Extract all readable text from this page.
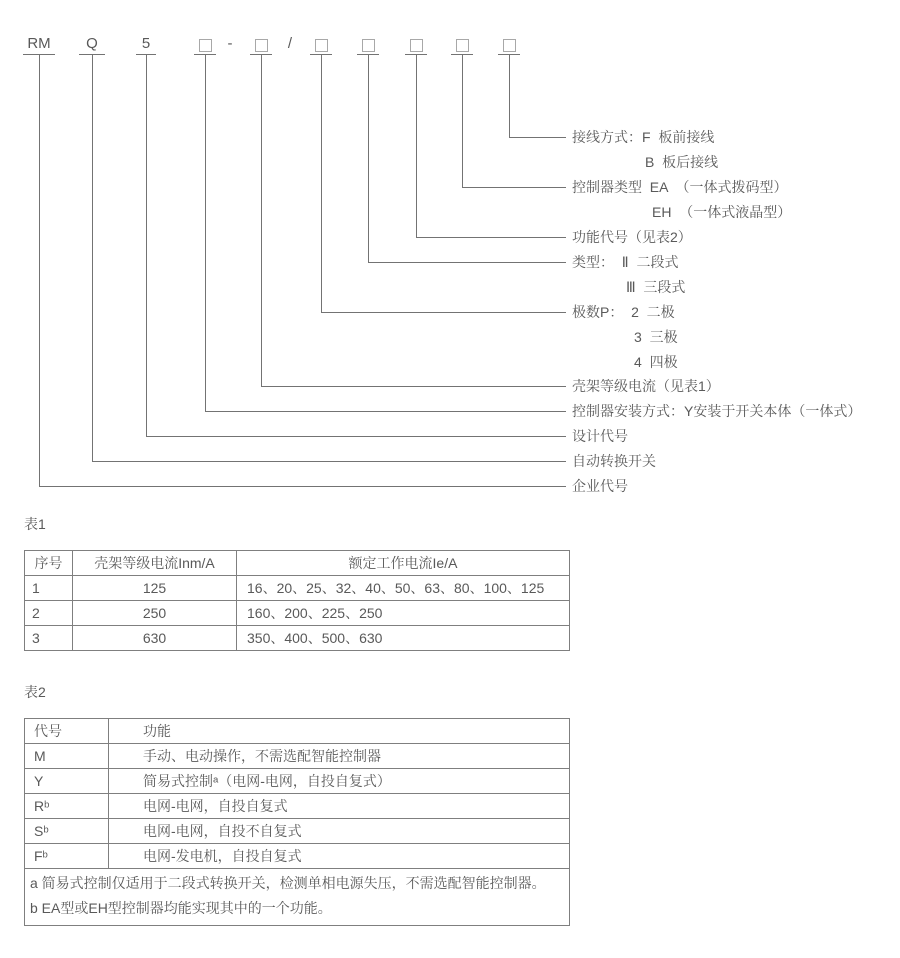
RM Q	5	-	/
接线方式：F  板前接线
B  板后接线
控制器类型  EA  （一体式拨码型）
EH  （一体式液晶型）
功能代号（见表2）
类型：  Ⅱ  二段式
Ⅲ  三段式
极数P：  2  二极
3  三极
4  四极
壳架等级电流（见表1）
控制器安装方式：Y安装于开关本体（一体式）
设计代号
自动转换开关
企业代号
表1
序号	壳架等级电流Inm/A	额定工作电流Ie/A
1	125	16、20、25、32、40、50、63、80、100、125
2	250	160、200、225、250
3	630	350、400、500、630
表2
代号	功能
M	手动、电动操作，不需选配智能控制器
Y	简易式控制ᵃ（电网-电网，自投自复式）
Rᵇ	电网-电网，自投自复式
Sᵇ	电网-电网，自投不自复式
Fᵇ	电网-发电机，自投自复式

a 简易式控制仅适用于二段式转换开关，检测单相电源失压，不需选配智能控制器。
b EA型或EH型控制器均能实现其中的一个功能。	
